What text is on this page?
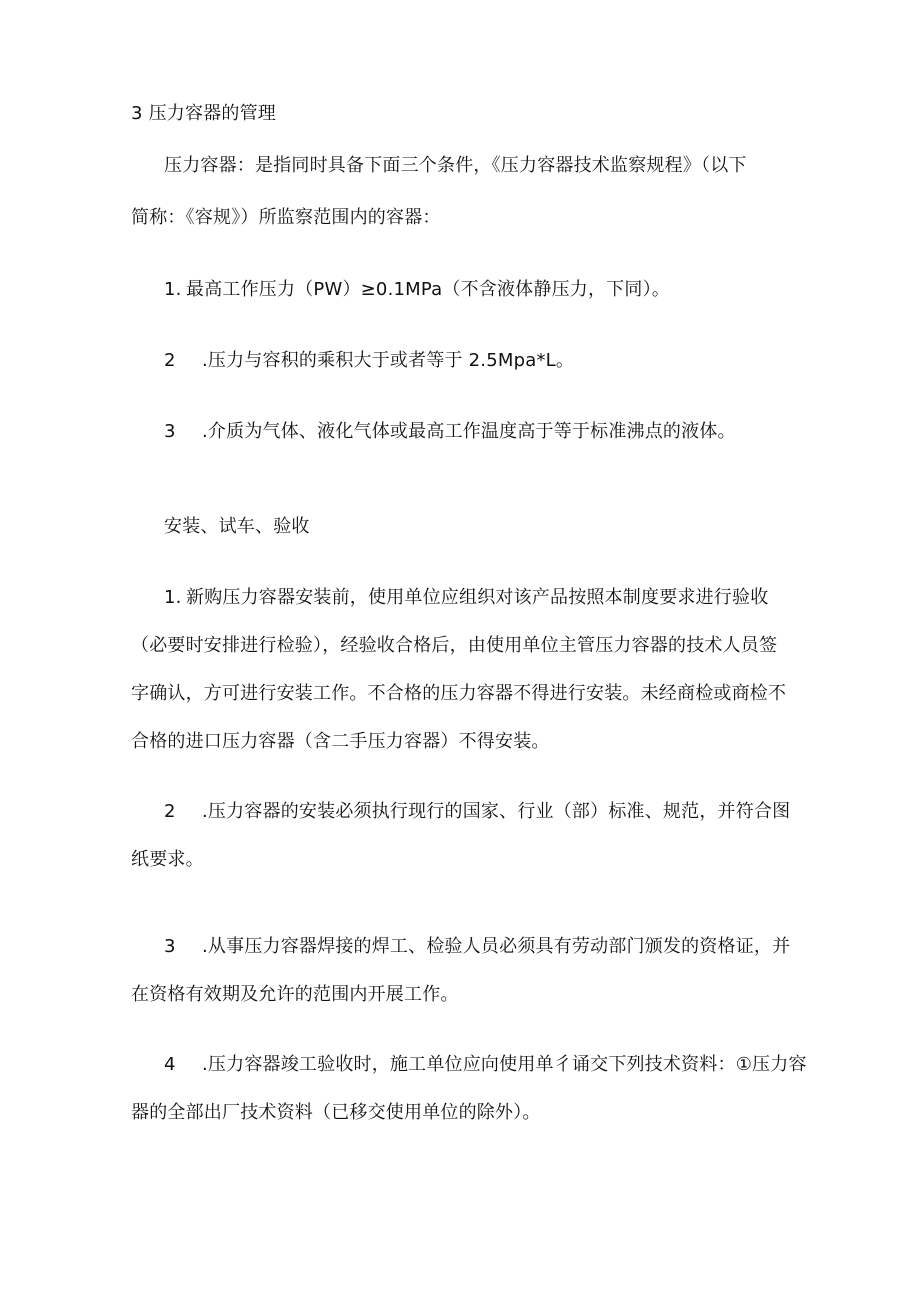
3 压力容器的管理
压力容器：是指同时具备下面三个条件，《压力容器技术监察规程》（以下
简称：《容规》）所监察范围内的容器：
1. 最高工作压力（PW）≥0.1MPa（不含液体静压力，下同）。
2 .压力与容积的乘积大于或者等于 2.5Mpa*L。
3 .介质为气体、液化气体或最高工作温度高于等于标准沸点的液体。
安装、试车、验收
1. 新购压力容器安装前，使用单位应组织对该产品按照本制度要求进行验收
（必要时安排进行检验），经验收合格后，由使用单位主管压力容器的技术人员签
字确认，方可进行安装工作。不合格的压力容器不得进行安装。未经商检或商检不
合格的进口压力容器（含二手压力容器）不得安装。
2 .压力容器的安装必须执行现行的国家、行业（部）标准、规范，并符合图
纸要求。
3 .从事压力容器焊接的焊工、检验人员必须具有劳动部门颁发的资格证，并
在资格有效期及允许的范围内开展工作。
4 .压力容器竣工验收时，施工单位应向使用单彳诵交下列技术资料：①压力容
器的全部出厂技术资料（已移交使用单位的除外）。
